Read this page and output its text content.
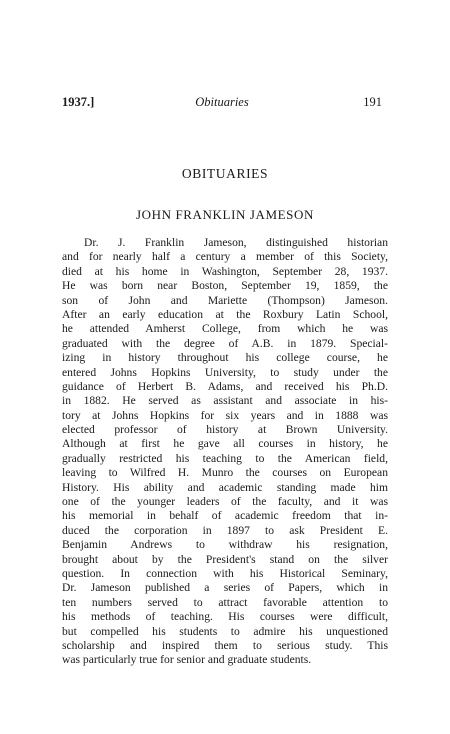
1937.]	Obituaries	191
OBITUARIES
JOHN FRANKLIN JAMESON
Dr. J. Franklin Jameson, distinguished historian
and for nearly half a century a member of this Society,
died at his home in Washington, September 28, 1937.
He was born near Boston, September 19, 1859, the
son of John and Mariette (Thompson) Jameson.
After an early education at the Roxbury Latin School,
he attended Amherst College, from which he was
graduated with the degree of A.B. in 1879. Special-
izing in history throughout his college course, he
entered Johns Hopkins University, to study under the
guidance of Herbert B. Adams, and received his Ph.D.
in 1882. He served as assistant and associate in his-
tory at Johns Hopkins for six years and in 1888 was
elected professor of history at Brown University.
Although at first he gave all courses in history, he
gradually restricted his teaching to the American field,
leaving to Wilfred H. Munro the courses on European
History. His ability and academic standing made him
one of the younger leaders of the faculty, and it was
his memorial in behalf of academic freedom that in-
duced the corporation in 1897 to ask President E.
Benjamin Andrews to withdraw his resignation,
brought about by the President's stand on the silver
question. In connection with his Historical Seminary,
Dr. Jameson published a series of Papers, which in
ten numbers served to attract favorable attention to
his methods of teaching. His courses were difficult,
but compelled his students to admire his unquestioned
scholarship and inspired them to serious study. This
was particularly true for senior and graduate students.
